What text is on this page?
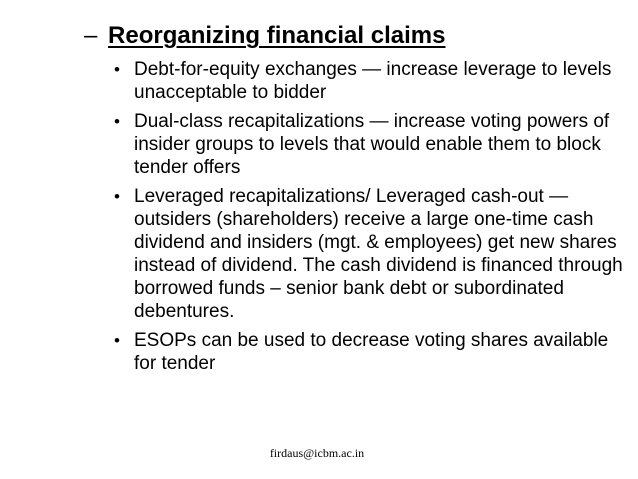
– Reorganizing financial claims
• Debt-for-equity exchanges — increase leverage to levels unacceptable to bidder
• Dual-class recapitalizations — increase voting powers of insider groups to levels that would enable them to block tender offers
• Leveraged recapitalizations/ Leveraged cash-out — outsiders (shareholders) receive a large one-time cash dividend and insiders (mgt. & employees) get new shares instead of dividend. The cash dividend is financed through borrowed funds – senior bank debt or subordinated debentures.
• ESOPs can be used to decrease voting shares available for tender
firdaus@icbm.ac.in
